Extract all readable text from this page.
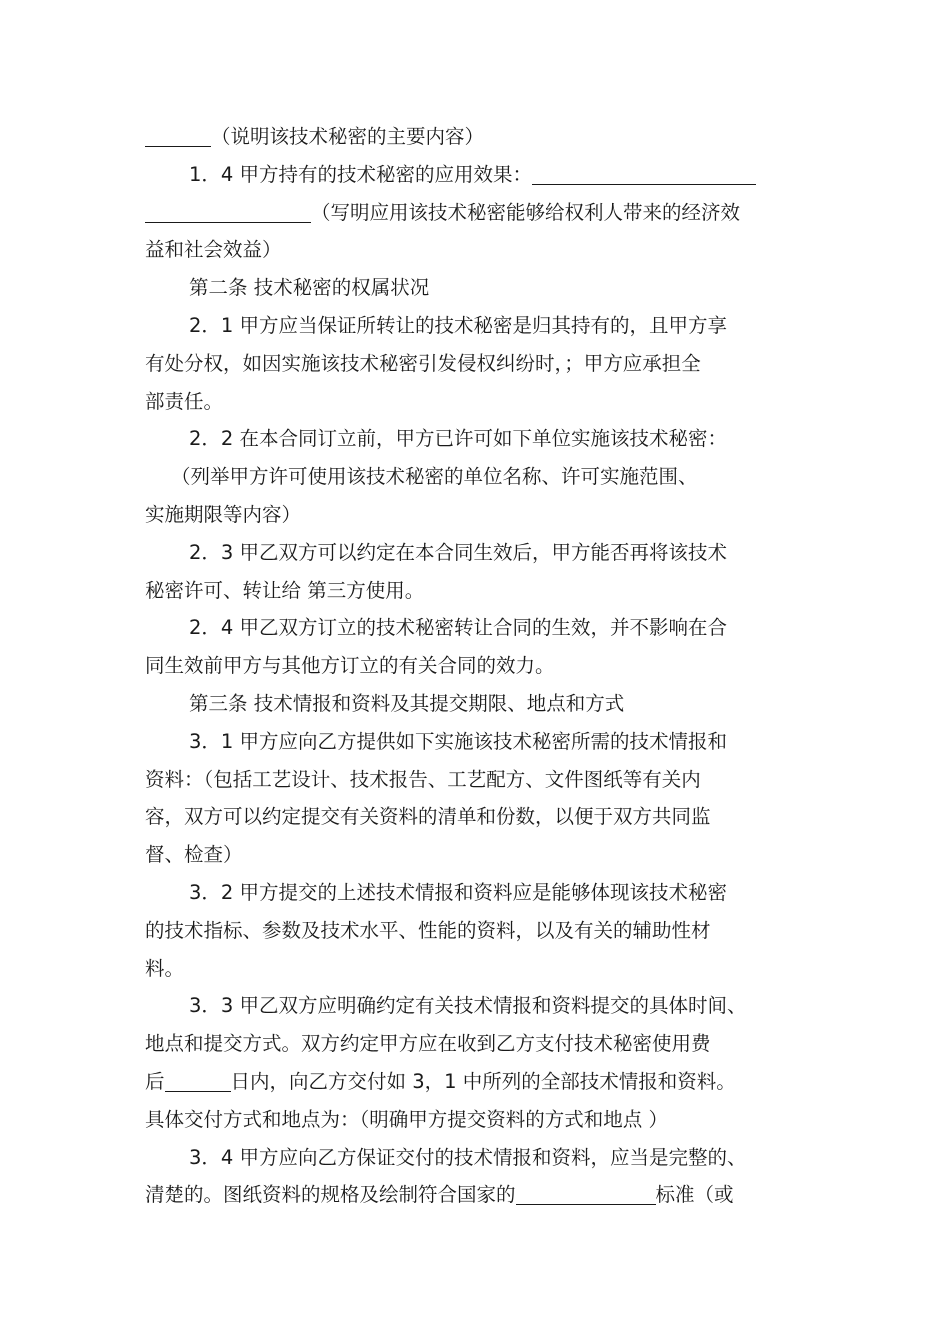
（说明该技术秘密的主要内容）
1．4 甲方持有的技术秘密的应用效果：
（写明应用该技术秘密能够给权利人带来的经济效
益和社会效益）
第二条 技术秘密的权属状况
2．1 甲方应当保证所转让的技术秘密是归其持有的，且甲方享
有处分权，如因实施该技术秘密引发侵权纠纷时，；甲方应承担全
部责任。
2．2 在本合同订立前，甲方已许可如下单位实施该技术秘密：
（列举甲方许可使用该技术秘密的单位名称、许可实施范围、
实施期限等内容）
2．3 甲乙双方可以约定在本合同生效后，甲方能否再将该技术
秘密许可、转让给 第三方使用。
2．4 甲乙双方订立的技术秘密转让合同的生效，并不影响在合
同生效前甲方与其他方订立的有关合同的效力。
第三条 技术情报和资料及其提交期限、地点和方式
3．1 甲方应向乙方提供如下实施该技术秘密所需的技术情报和
资料：（包括工艺设计、技术报告、工艺配方、文件图纸等有关内
容，双方可以约定提交有关资料的清单和份数，以便于双方共同监
督、检查）
3．2 甲方提交的上述技术情报和资料应是能够体现该技术秘密
的技术指标、参数及技术水平、性能的资料，以及有关的辅助性材
料。
3．3 甲乙双方应明确约定有关技术情报和资料提交的具体时间、
地点和提交方式。双方约定甲方应在收到乙方支付技术秘密使用费
后	日内，向乙方交付如 3，1 中所列的全部技术情报和资料。
具体交付方式和地点为：（明确甲方提交资料的方式和地点 ）
3．4 甲方应向乙方保证交付的技术情报和资料，应当是完整的、
清楚的。图纸资料的规格及绘制符合国家的	标准（或
